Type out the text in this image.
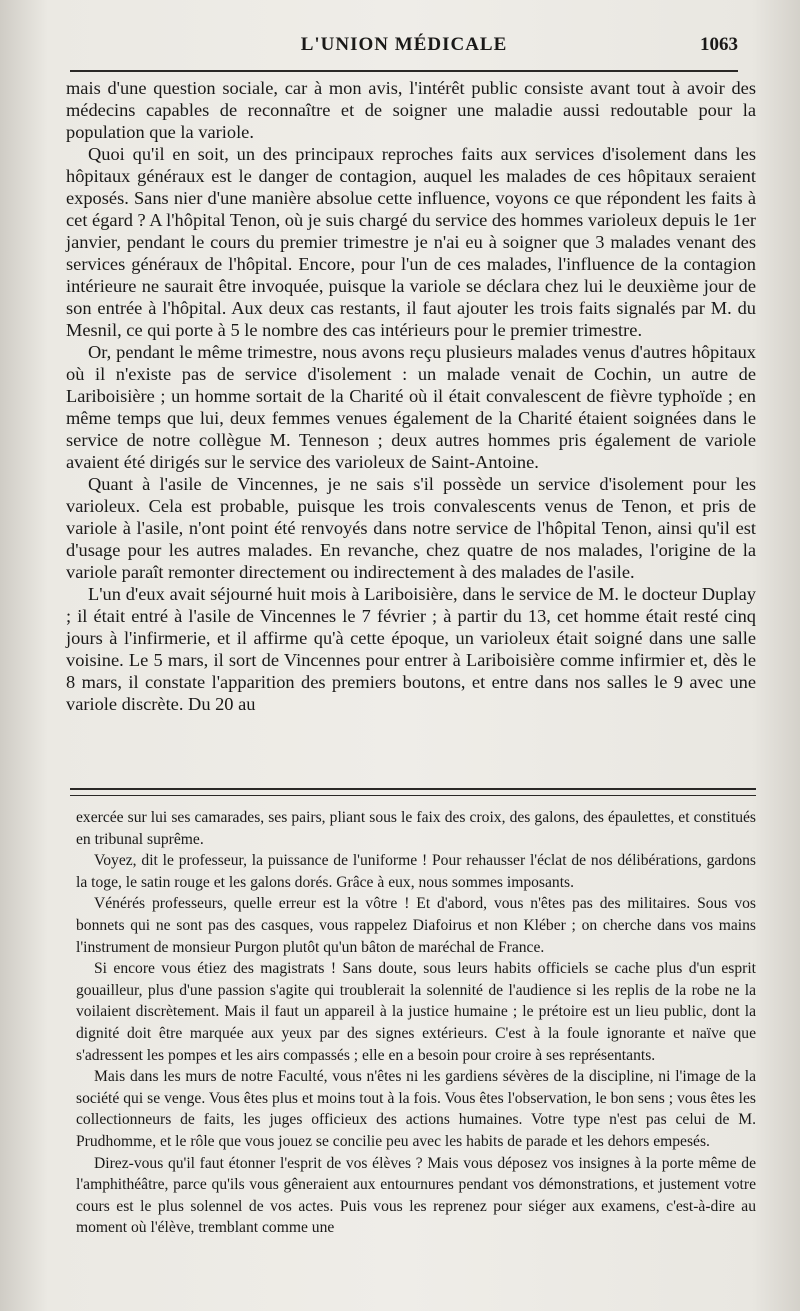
L'UNION MÉDICALE	1063

mais d'une question sociale, car à mon avis, l'intérêt public consiste avant tout à avoir des médecins capables de reconnaître et de soigner une maladie aussi redoutable pour la population que la variole.

Quoi qu'il en soit, un des principaux reproches faits aux services d'isolement dans les hôpitaux généraux est le danger de contagion, auquel les malades de ces hôpitaux seraient exposés. Sans nier d'une manière absolue cette influence, voyons ce que répondent les faits à cet égard ? A l'hôpital Tenon, où je suis chargé du service des hommes varioleux depuis le 1er janvier, pendant le cours du premier trimestre je n'ai eu à soigner que 3 malades venant des services généraux de l'hôpital. Encore, pour l'un de ces malades, l'influence de la contagion intérieure ne saurait être invoquée, puisque la variole se déclara chez lui le deuxième jour de son entrée à l'hôpital. Aux deux cas restants, il faut ajouter les trois faits signalés par M. du Mesnil, ce qui porte à 5 le nombre des cas intérieurs pour le premier trimestre.

Or, pendant le même trimestre, nous avons reçu plusieurs malades venus d'autres hôpitaux où il n'existe pas de service d'isolement : un malade venait de Cochin, un autre de Lariboisière ; un homme sortait de la Charité où il était convalescent de fièvre typhoïde ; en même temps que lui, deux femmes venues également de la Charité étaient soignées dans le service de notre collègue M. Tenneson ; deux autres hommes pris également de variole avaient été dirigés sur le service des varioleux de Saint-Antoine.

Quant à l'asile de Vincennes, je ne sais s'il possède un service d'isolement pour les varioleux. Cela est probable, puisque les trois convalescents venus de Tenon, et pris de variole à l'asile, n'ont point été renvoyés dans notre service de l'hôpital Tenon, ainsi qu'il est d'usage pour les autres malades. En revanche, chez quatre de nos malades, l'origine de la variole paraît remonter directement ou indirectement à des malades de l'asile.

L'un d'eux avait séjourné huit mois à Lariboisière, dans le service de M. le docteur Duplay ; il était entré à l'asile de Vincennes le 7 février ; à partir du 13, cet homme était resté cinq jours à l'infirmerie, et il affirme qu'à cette époque, un varioleux était soigné dans une salle voisine. Le 5 mars, il sort de Vincennes pour entrer à Lariboisière comme infirmier et, dès le 8 mars, il constate l'apparition des premiers boutons, et entre dans nos salles le 9 avec une variole discrète. Du 20 au

exercée sur lui ses camarades, ses pairs, pliant sous le faix des croix, des galons, des épaulettes, et constitués en tribunal suprême.

Voyez, dit le professeur, la puissance de l'uniforme ! Pour rehausser l'éclat de nos délibérations, gardons la toge, le satin rouge et les galons dorés. Grâce à eux, nous sommes imposants.

Vénérés professeurs, quelle erreur est la vôtre ! Et d'abord, vous n'êtes pas des militaires. Sous vos bonnets qui ne sont pas des casques, vous rappelez Diafoirus et non Kléber ; on cherche dans vos mains l'instrument de monsieur Purgon plutôt qu'un bâton de maréchal de France.

Si encore vous étiez des magistrats ! Sans doute, sous leurs habits officiels se cache plus d'un esprit gouailleur, plus d'une passion s'agite qui troublerait la solennité de l'audience si les replis de la robe ne la voilaient discrètement. Mais il faut un appareil à la justice humaine ; le prétoire est un lieu public, dont la dignité doit être marquée aux yeux par des signes extérieurs. C'est à la foule ignorante et naïve que s'adressent les pompes et les airs compassés ; elle en a besoin pour croire à ses représentants.

Mais dans les murs de notre Faculté, vous n'êtes ni les gardiens sévères de la discipline, ni l'image de la société qui se venge. Vous êtes plus et moins tout à la fois. Vous êtes l'observation, le bon sens ; vous êtes les collectionneurs de faits, les juges officieux des actions humaines. Votre type n'est pas celui de M. Prudhomme, et le rôle que vous jouez se concilie peu avec les habits de parade et les dehors empesés.

Direz-vous qu'il faut étonner l'esprit de vos élèves ? Mais vous déposez vos insignes à la porte même de l'amphithéâtre, parce qu'ils vous gêneraient aux entournures pendant vos démonstrations, et justement votre cours est le plus solennel de vos actes. Puis vous les reprenez pour siéger aux examens, c'est-à-dire au moment où l'élève, tremblant comme une
